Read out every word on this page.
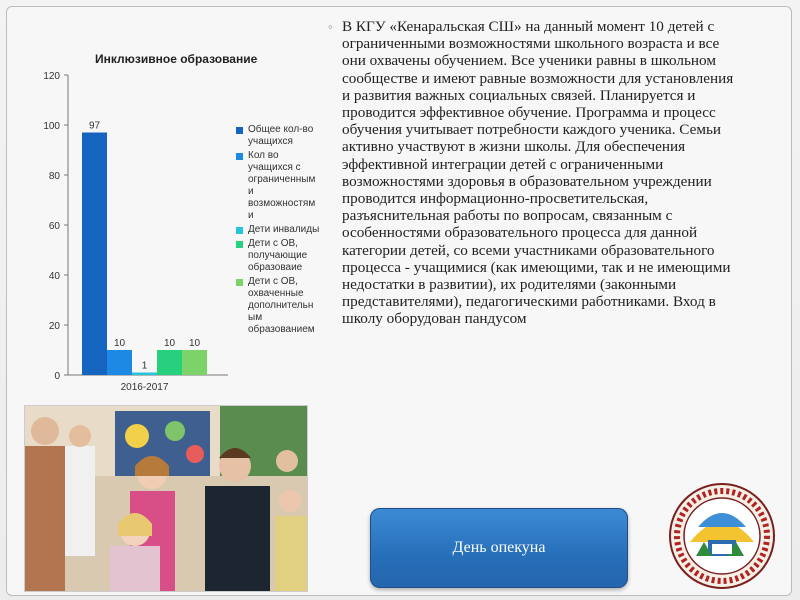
Инклюзивное образование
0
20
40
60
80
100
120
97
10
1
10 10
2016-2017
Общее кол-во
учащихся
Кол во
учащихся с
ограниченным
и
возможностям
и
Дети инвалиды
Дети с ОВ,
получающие
образоваие
Дети с ОВ,
охваченные
дополнительн
ым
образованием
◦ В КГУ «Кенаральская СШ» на данный момент 10 детей с ограниченными возможностями школьного возраста и все они охвачены обучением. Все ученики равны в школьном сообществе и имеют равные возможности для установления и развития важных социальных связей. Планируется и проводится эффективное обучение. Программа и процесс обучения учитывает потребности каждого ученика. Семьи активно участвуют в жизни школы. Для обеспечения эффективной интеграции детей с ограниченными возможностями здоровья в образовательном учреждении проводится информационно-просветительская, разъяснительная работы по вопросам, связанным с особенностями образовательного процесса для данной категории детей, со всеми участниками образовательного процесса - учащимися (как имеющими, так и не имеющими недостатки в развитии), их родителями (законными представителями), педагогическими работниками. Вход в школу оборудован пандусом
День опекуна
